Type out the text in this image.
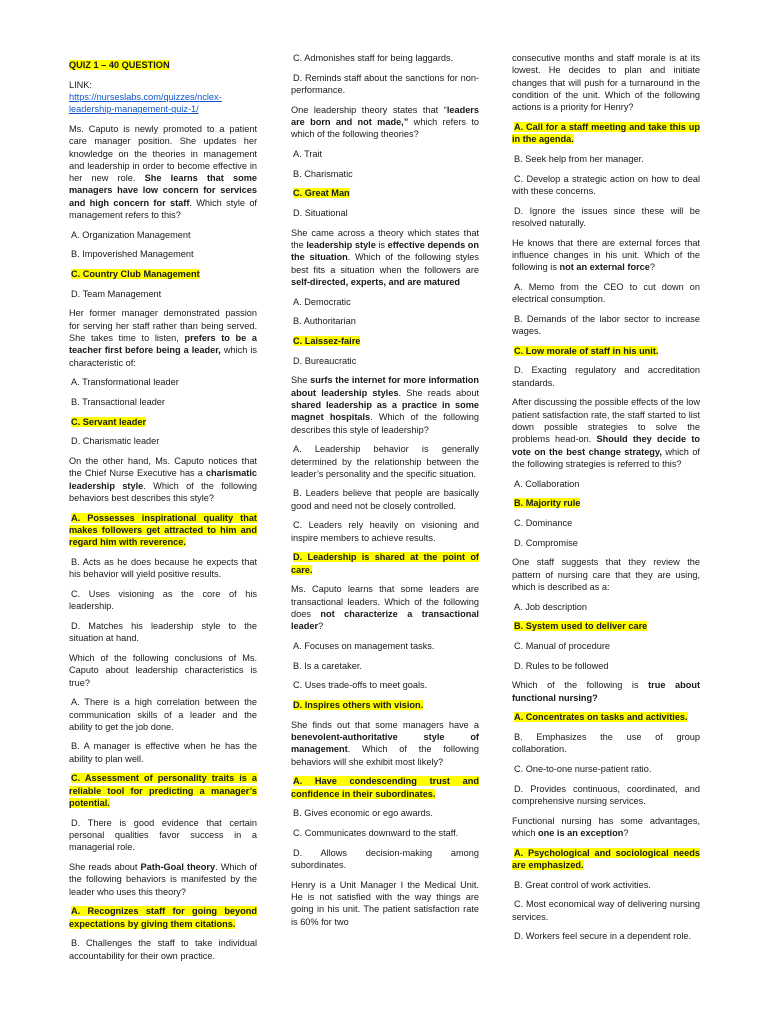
QUIZ 1 – 40 QUESTION

LINK:
https://nurseslabs.com/quizzes/nclex-leadership-management-quiz-1/

Ms. Caputo is newly promoted to a patient care manager position. She updates her knowledge on the theories in management and leadership in order to become effective in her new role. She learns that some managers have low concern for services and high concern for staff. Which style of management refers to this?

A. Organization Management

B. Impoverished Management

C. Country Club Management

D. Team Management

Her former manager demonstrated passion for serving her staff rather than being served. She takes time to listen, prefers to be a teacher first before being a leader, which is characteristic of:

A. Transformational leader

B. Transactional leader

C. Servant leader

D. Charismatic leader

On the other hand, Ms. Caputo notices that the Chief Nurse Executive has a charismatic leadership style. Which of the following behaviors best describes this style?

A. Possesses inspirational quality that makes followers get attracted to him and regard him with reverence.

B. Acts as he does because he expects that his behavior will yield positive results.

C. Uses visioning as the core of his leadership.

D. Matches his leadership style to the situation at hand.

Which of the following conclusions of Ms. Caputo about leadership characteristics is true?

A. There is a high correlation between the communication skills of a leader and the ability to get the job done.

B. A manager is effective when he has the ability to plan well.

C. Assessment of personality traits is a reliable tool for predicting a manager’s potential.

D. There is good evidence that certain personal qualities favor success in a managerial role.

She reads about Path-Goal theory. Which of the following behaviors is manifested by the leader who uses this theory?

A. Recognizes staff for going beyond expectations by giving them citations.

B. Challenges the staff to take individual accountability for their own practice.

C. Admonishes staff for being laggards.

D. Reminds staff about the sanctions for non-performance.

One leadership theory states that “leaders are born and not made,” which refers to which of the following theories?

A. Trait

B. Charismatic

C. Great Man

D. Situational

She came across a theory which states that the leadership style is effective depends on the situation. Which of the following styles best fits a situation when the followers are self-directed, experts, and are matured

A. Democratic

B. Authoritarian

C. Laissez-faire

D. Bureaucratic

She surfs the internet for more information about leadership styles. She reads about shared leadership as a practice in some magnet hospitals. Which of the following describes this style of leadership?

A. Leadership behavior is generally determined by the relationship between the leader’s personality and the specific situation.

B. Leaders believe that people are basically good and need not be closely controlled.

C. Leaders rely heavily on visioning and inspire members to achieve results.

D. Leadership is shared at the point of care.

Ms. Caputo learns that some leaders are transactional leaders. Which of the following does not characterize a transactional leader?

A. Focuses on management tasks.

B. Is a caretaker.

C. Uses trade-offs to meet goals.

D. Inspires others with vision.

She finds out that some managers have a benevolent-authoritative style of management. Which of the following behaviors will she exhibit most likely?

A. Have condescending trust and confidence in their subordinates.

B. Gives economic or ego awards.

C. Communicates downward to the staff.

D. Allows decision-making among subordinates.

Henry is a Unit Manager I the Medical Unit. He is not satisfied with the way things are going in his unit. The patient satisfaction rate is 60% for two

consecutive months and staff morale is at its lowest. He decides to plan and initiate changes that will push for a turnaround in the condition of the unit. Which of the following actions is a priority for Henry?

A. Call for a staff meeting and take this up in the agenda.

B. Seek help from her manager.

C. Develop a strategic action on how to deal with these concerns.

D. Ignore the issues since these will be resolved naturally.

He knows that there are external forces that influence changes in his unit. Which of the following is not an external force?

A. Memo from the CEO to cut down on electrical consumption.

B. Demands of the labor sector to increase wages.

C. Low morale of staff in his unit.

D. Exacting regulatory and accreditation standards.

After discussing the possible effects of the low patient satisfaction rate, the staff started to list down possible strategies to solve the problems head-on. Should they decide to vote on the best change strategy, which of the following strategies is referred to this?

A. Collaboration

B. Majority rule

C. Dominance

D. Compromise

One staff suggests that they review the pattern of nursing care that they are using, which is described as a:

A. Job description

B. System used to deliver care

C. Manual of procedure

D. Rules to be followed

Which of the following is true about functional nursing?

A. Concentrates on tasks and activities.

B. Emphasizes the use of group collaboration.

C. One-to-one nurse-patient ratio.

D. Provides continuous, coordinated, and comprehensive nursing services.

Functional nursing has some advantages, which one is an exception?

A. Psychological and sociological needs are emphasized.

B. Great control of work activities.

C. Most economical way of delivering nursing services.

D. Workers feel secure in a dependent role.
